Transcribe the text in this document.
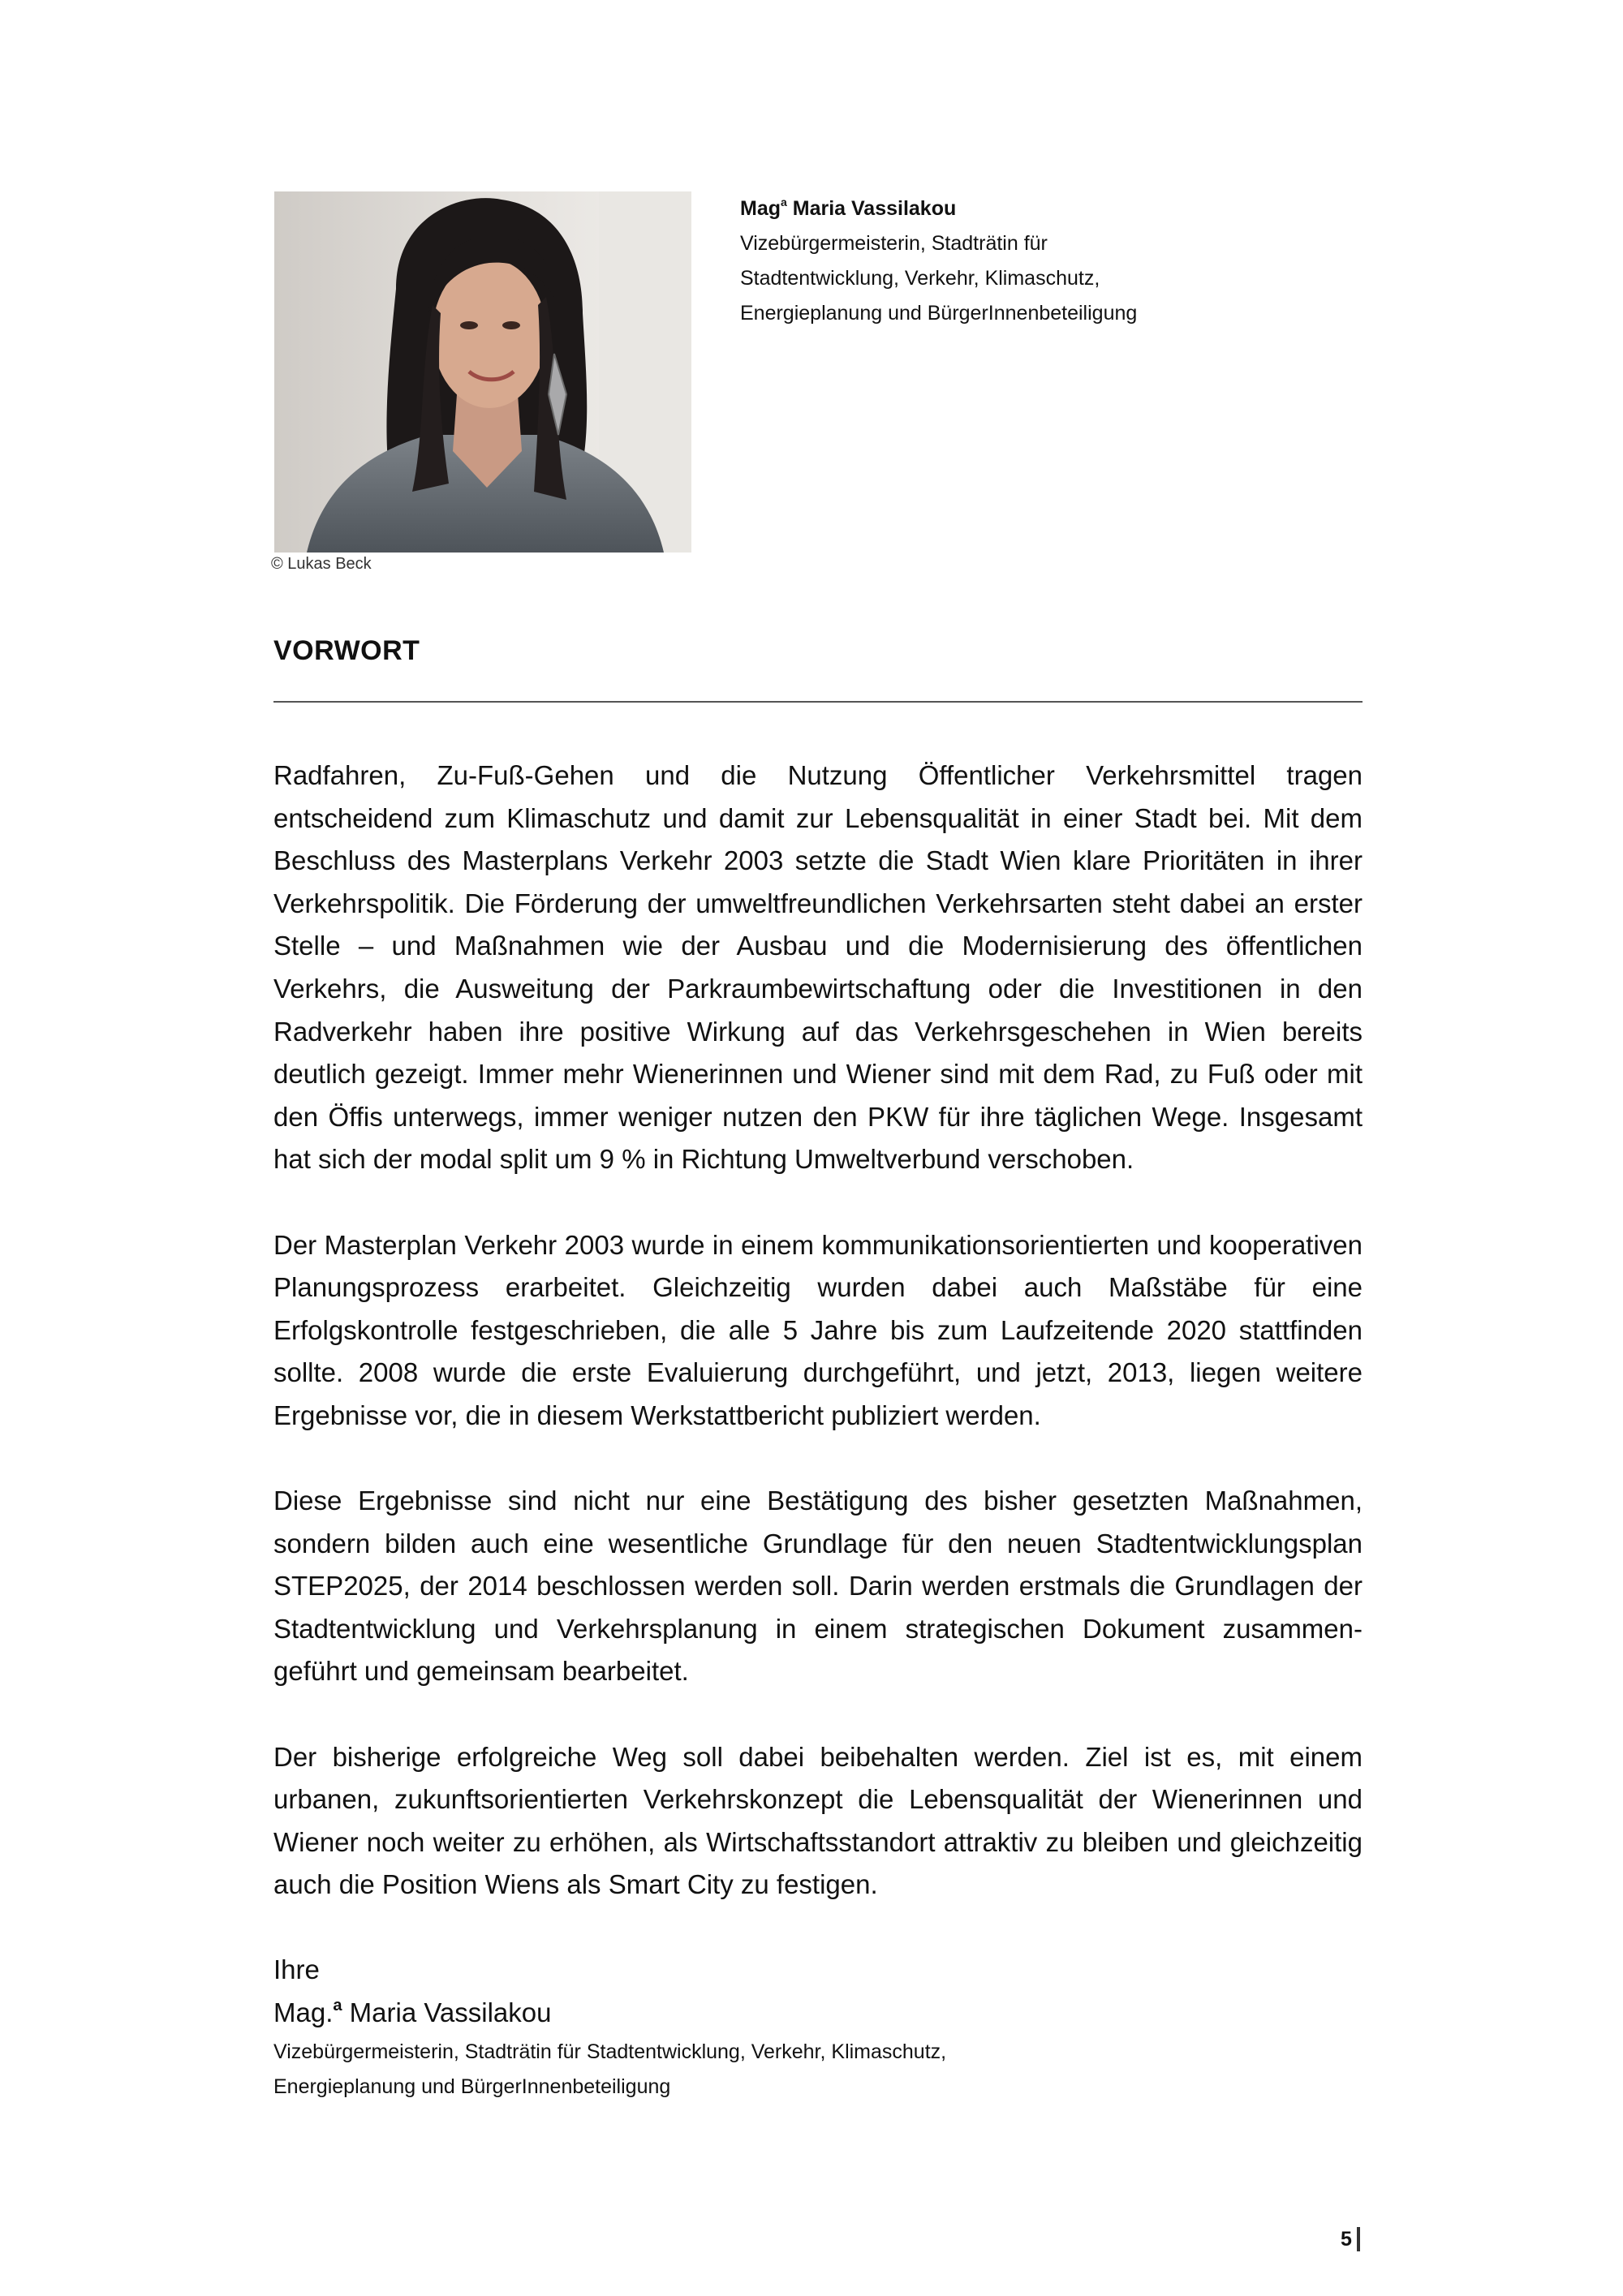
© Lukas Beck
Mag$^a$ Maria Vassilakou
Vizebürgermeisterin, Stadträtin für
Stadtentwicklung, Verkehr, Klimaschutz,
Energieplanung und BürgerInnenbeteiligung
VORWORT

Radfahren, Zu-Fuß-Gehen und die Nutzung Öffentlicher Verkehrsmittel tragen entscheidend zum Klimaschutz und damit zur Lebensqualität in einer Stadt bei. Mit dem Beschluss des Masterplans Verkehr 2003 setzte die Stadt Wien klare Prioritäten in ihrer Verkehrspolitik. Die Förderung der umweltfreundlichen Verkehrsarten steht dabei an erster Stelle – und Maßnahmen wie der Ausbau und die Modernisierung des öffentlichen Verkehrs, die Ausweitung der Parkraumbewirtschaftung oder die Investitionen in den Radverkehr haben ihre positive Wirkung auf das Verkehrsgeschehen in Wien bereits deutlich gezeigt. Immer mehr Wienerinnen und Wiener sind mit dem Rad, zu Fuß oder mit den Öffis unterwegs, immer weniger nutzen den PKW für ihre täglichen Wege. Insgesamt hat sich der modal split um 9 % in Richtung Umweltverbund verschoben.

Der Masterplan Verkehr 2003 wurde in einem kommunikationsorientierten und kooperativen Planungsprozess erarbeitet. Gleichzeitig wurden dabei auch Maßstäbe für eine Erfolgskontrolle festgeschrieben, die alle 5 Jahre bis zum Laufzeitende 2020 stattfinden sollte. 2008 wurde die erste Evaluierung durchgeführt, und jetzt, 2013, liegen weitere Ergebnisse vor, die in diesem Werkstattbericht publiziert werden.

Diese Ergebnisse sind nicht nur eine Bestätigung des bisher gesetzten Maßnahmen, sondern bilden auch eine wesentliche Grundlage für den neuen Stadtentwicklungsplan STEP2025, der 2014 beschlossen werden soll. Darin werden erstmals die Grundlagen der Stadtentwicklung und Verkehrsplanung in einem strategischen Dokument zusammengeführt und gemeinsam bearbeitet.

Der bisherige erfolgreiche Weg soll dabei beibehalten werden. Ziel ist es, mit einem urbanen, zukunftsorientierten Verkehrskonzept die Lebensqualität der Wienerinnen und Wiener noch weiter zu erhöhen, als Wirtschaftsstandort attraktiv zu bleiben und gleichzeitig auch die Position Wiens als Smart City zu festigen.

Ihre
Mag.$^a$ Maria Vassilakou
Vizebürgermeisterin, Stadträtin für Stadtentwicklung, Verkehr, Klimaschutz,
Energieplanung und BürgerInnenbeteiligung
5
